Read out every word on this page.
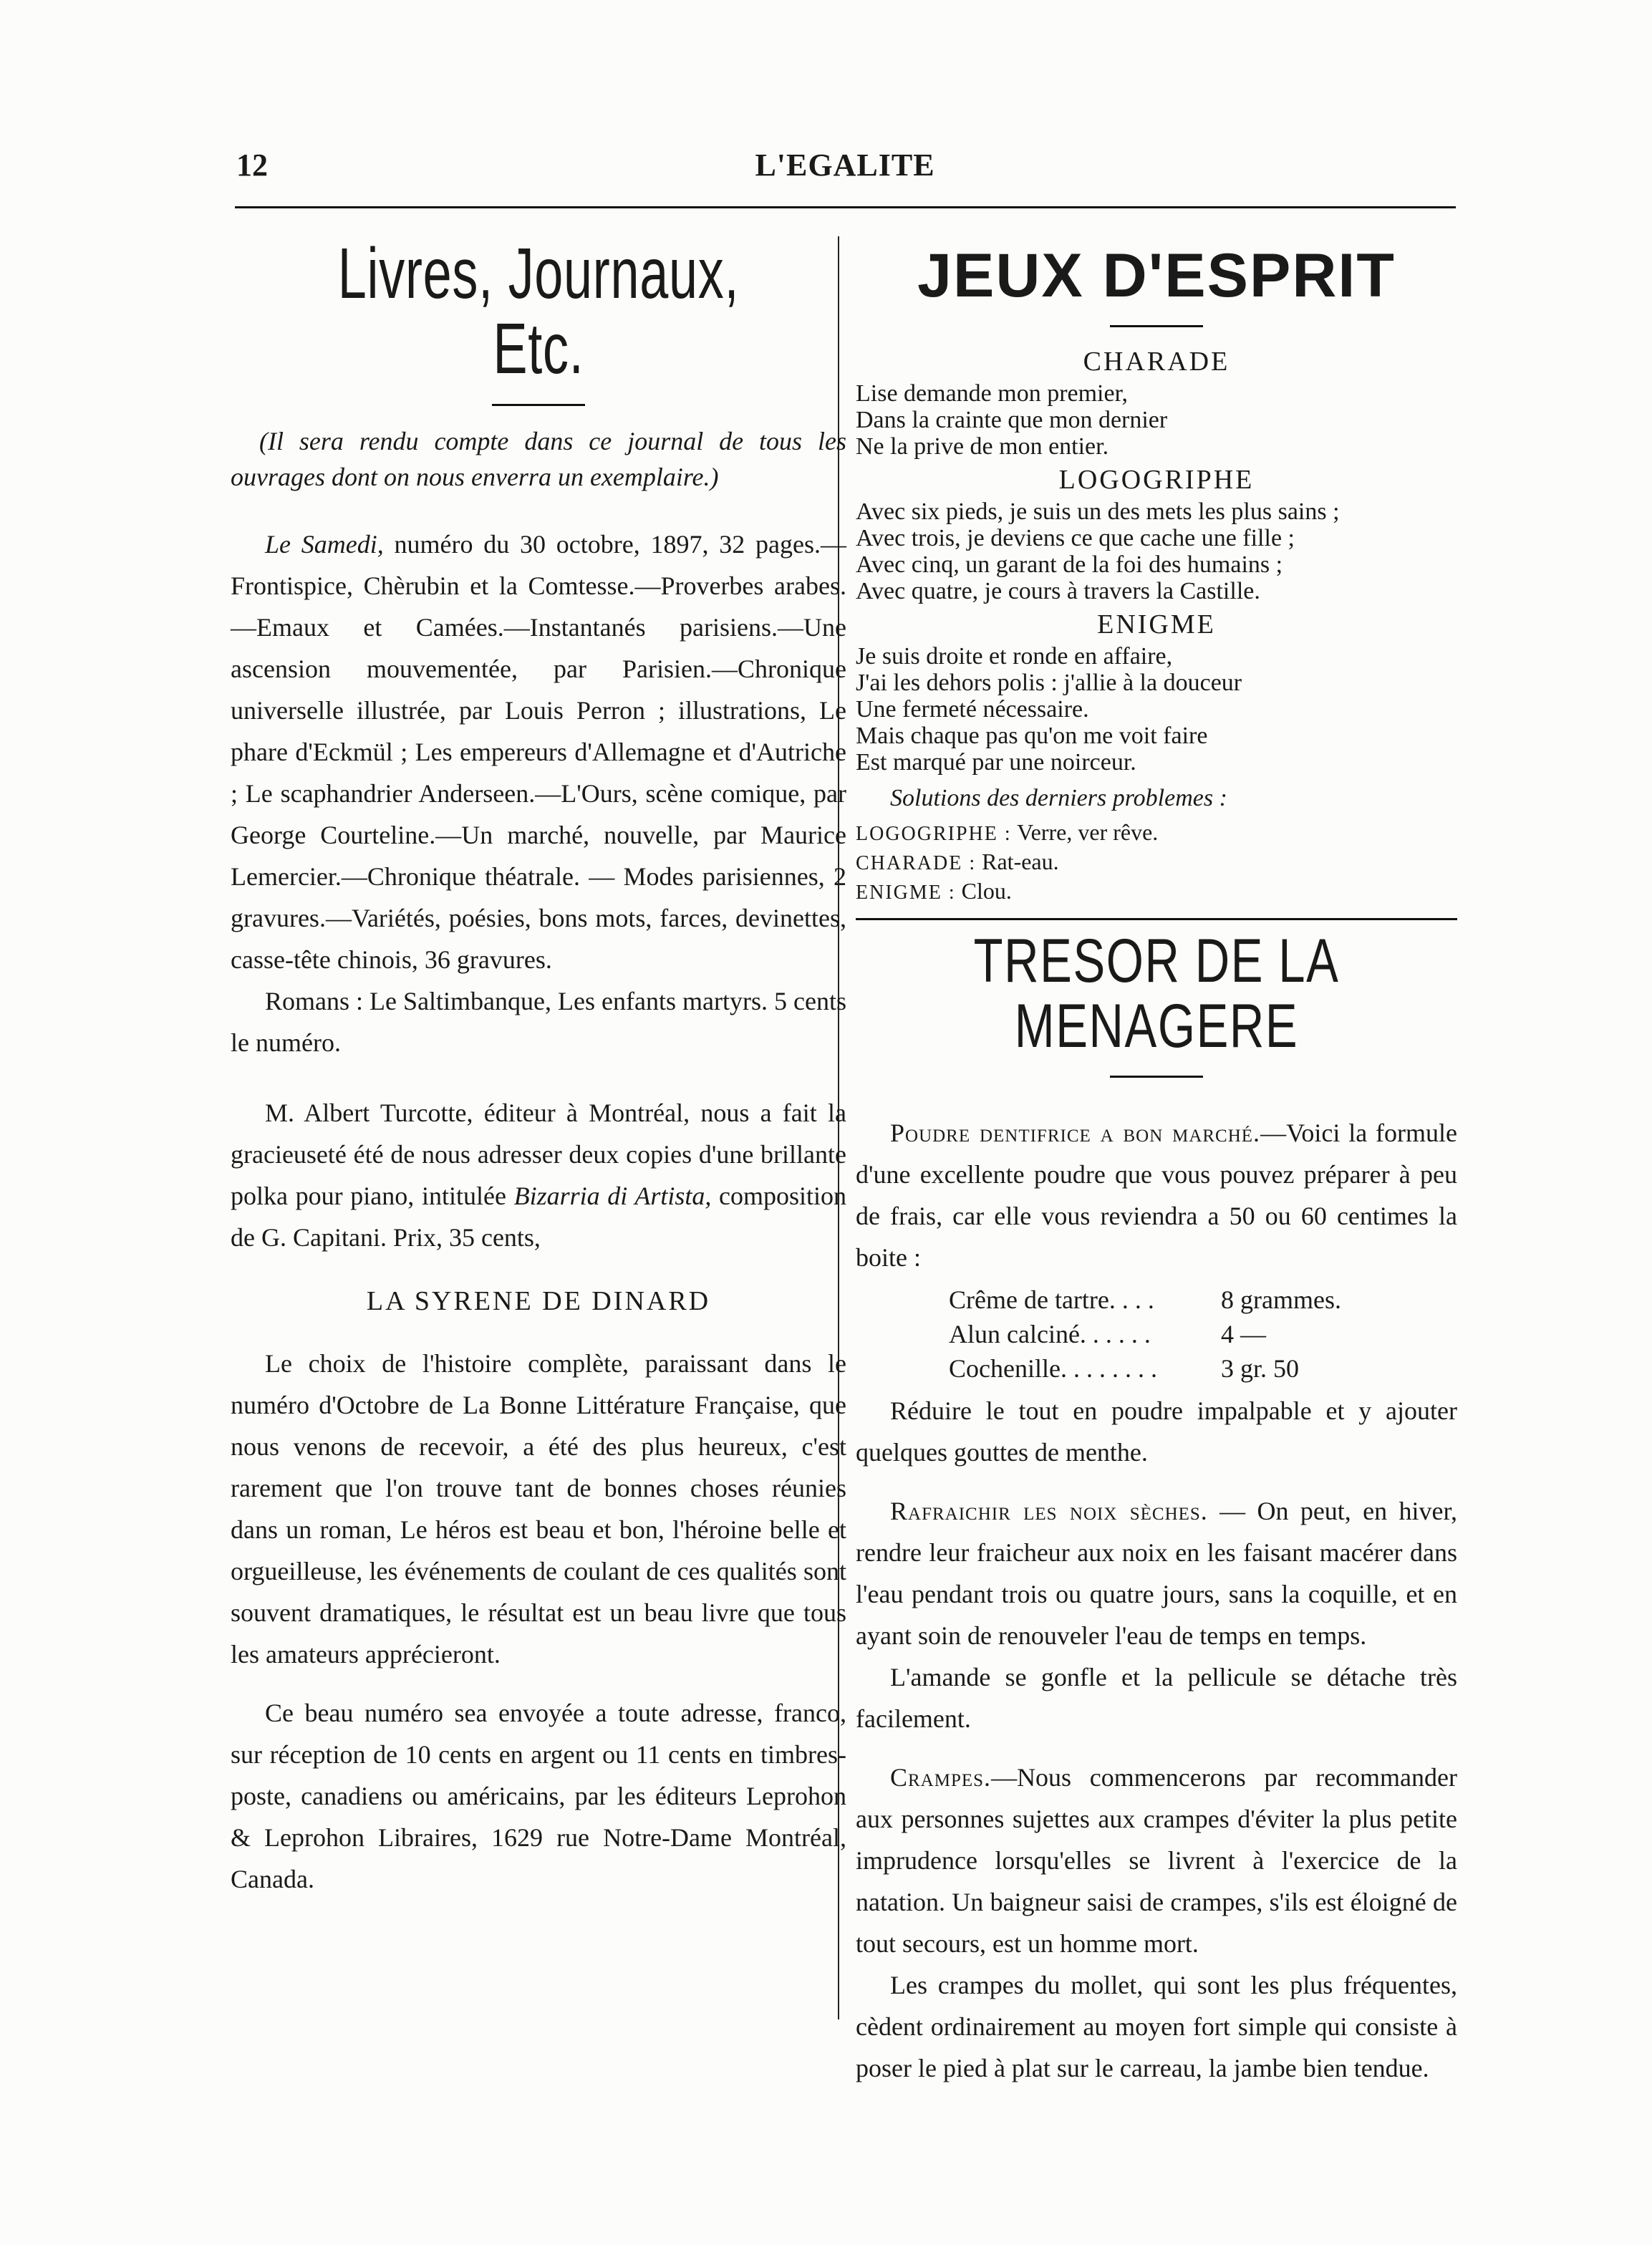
12	L'EGALITE
Livres, Journaux, Etc.

(Il sera rendu compte dans ce journal de tous les ouvrages dont on nous enverra un exemplaire.)

Le Samedi, numéro du 30 octobre, 1897, 32 pages.—Frontispice, Chèrubin et la Comtesse.—Proverbes arabes.—Emaux et Camées.—Instantanés parisiens.—Une ascension mouvementée, par Parisien.—Chronique universelle illustrée, par Louis Perron ; illustrations, Le phare d'Eckmül ; Les empereurs d'Allemagne et d'Autriche ; Le scaphandrier Anderseen.—L'Ours, scène comique, par George Courteline.—Un marché, nouvelle, par Maurice Lemercier.—Chronique théatrale. — Modes parisiennes, 2 gravures.—Variétés, poésies, bons mots, farces, devinettes, casse-tête chinois, 36 gravures.

Romans : Le Saltimbanque, Les enfants martyrs. 5 cents le numéro.

M. Albert Turcotte, éditeur à Montréal, nous a fait la gracieuseté été de nous adresser deux copies d'une brillante polka pour piano, intitulée Bizarria di Artista, composition de G. Capitani. Prix, 35 cents,

LA SYRENE DE DINARD

Le choix de l'histoire complète, paraissant dans le numéro d'Octobre de La Bonne Littérature Française, que nous venons de recevoir, a été des plus heureux, c'est rarement que l'on trouve tant de bonnes choses réunies dans un roman, Le héros est beau et bon, l'héroine belle et orgueilleuse, les événements de coulant de ces qualités sont souvent dramatiques, le résultat est un beau livre que tous les amateurs apprécieront.

Ce beau numéro sea envoyée a toute adresse, franco, sur réception de 10 cents en argent ou 11 cents en timbres-poste, canadiens ou américains, par les éditeurs Leprohon & Leprohon Libraires, 1629 rue Notre-Dame Montréal, Canada.

JEUX D'ESPRIT
CHARADE
Lise demande mon premier,
Dans la crainte que mon dernier
Ne la prive de mon entier.
LOGOGRIPHE
Avec six pieds, je suis un des mets les plus sains ;
Avec trois, je deviens ce que cache une fille ;
Avec cinq, un garant de la foi des humains ;
Avec quatre, je cours à travers la Castille.
ENIGME
Je suis droite et ronde en affaire,
J'ai les dehors polis : j'allie à la douceur
Une fermeté nécessaire.
Mais chaque pas qu'on me voit faire
Est marqué par une noirceur.

Solutions des derniers problemes :

LOGOGRIPHE : Verre, ver rêve.
CHARADE : Rat-eau.
ENIGME : Clou.
TRESOR DE LA MENAGERE

Poudre dentifrice a bon marché.—Voici la formule d'une excellente poudre que vous pouvez préparer à peu de frais, car elle vous reviendra a 50 ou 60 centimes la boite :

Crême de tartre. . . .	8 grammes.
Alun calciné. . . . . .	4 —
Cochenille. . . . . . . .	3 gr. 50

Réduire le tout en poudre impalpable et y ajouter quelques gouttes de menthe.

Rafraichir les noix sèches. — On peut, en hiver, rendre leur fraicheur aux noix en les faisant macérer dans l'eau pendant trois ou quatre jours, sans la coquille, et en ayant soin de renouveler l'eau de temps en temps.

L'amande se gonfle et la pellicule se détache très facilement.

Crampes.—Nous commencerons par recommander aux personnes sujettes aux crampes d'éviter la plus petite imprudence lorsqu'elles se livrent à l'exercice de la natation. Un baigneur saisi de crampes, s'ils est éloigné de tout secours, est un homme mort.

Les crampes du mollet, qui sont les plus fréquentes, cèdent ordinairement au moyen fort simple qui consiste à poser le pied à plat sur le carreau, la jambe bien tendue.
